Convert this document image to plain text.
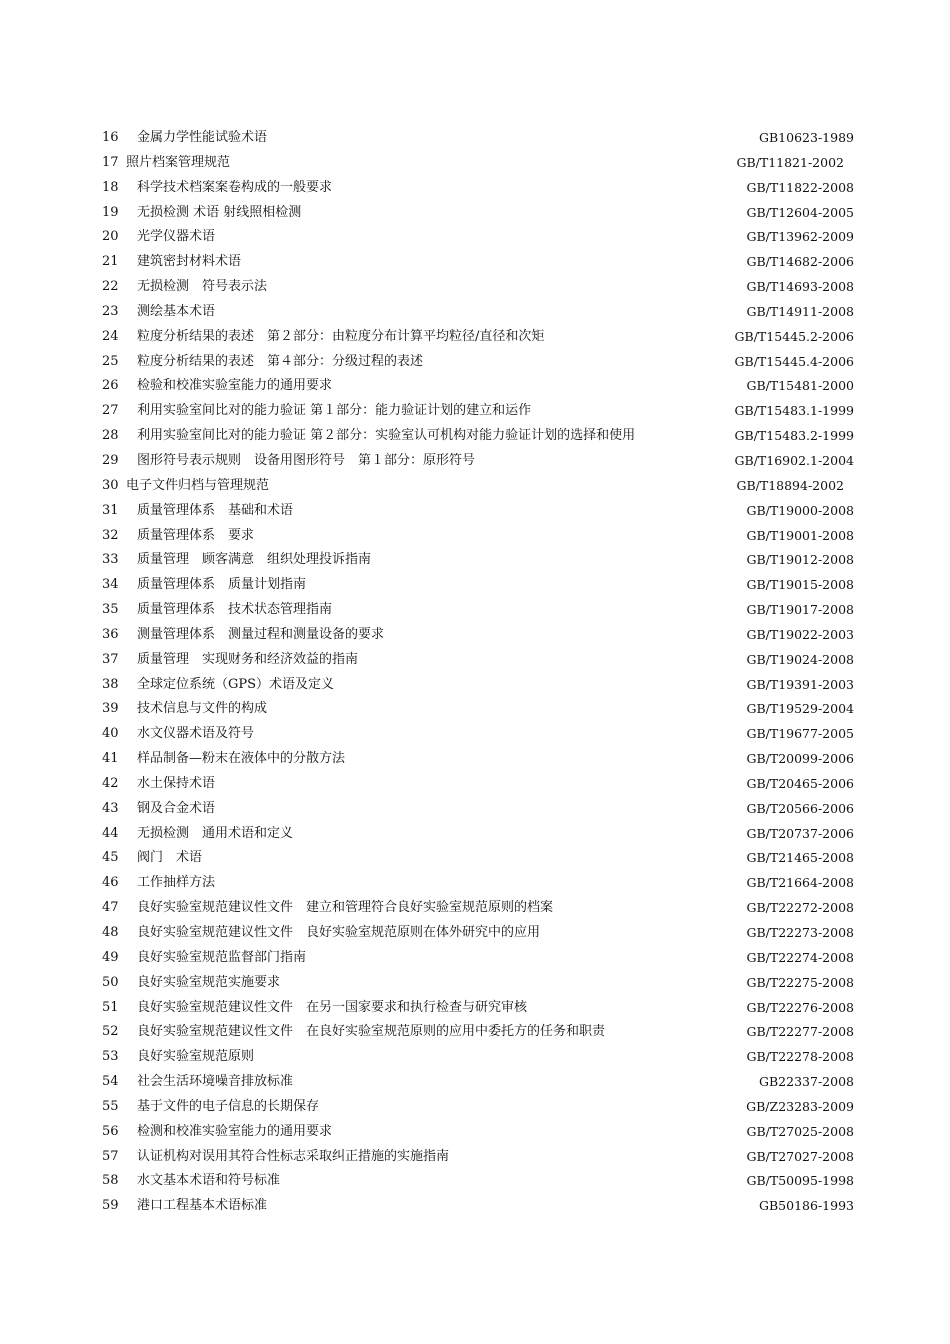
16 金属力学性能试验术语	GB10623-1989
17 照片档案管理规范	GB/T11821-2002
18 科学技术档案案卷构成的一般要求	GB/T11822-2008
19 无损检测 术语 射线照相检测	GB/T12604-2005
20 光学仪器术语	GB/T13962-2009
21 建筑密封材料术语	GB/T14682-2006
22 无损检测　符号表示法	GB/T14693-2008
23 测绘基本术语	GB/T14911-2008
24 粒度分析结果的表述　第２部分：由粒度分布计算平均粒径/直径和次矩	GB/T15445.2-2006
25 粒度分析结果的表述　第４部分：分级过程的表述	GB/T15445.4-2006
26 检验和校准实验室能力的通用要求	GB/T15481-2000
27 利用实验室间比对的能力验证 第１部分：能力验证计划的建立和运作	GB/T15483.1-1999
28 利用实验室间比对的能力验证 第２部分：实验室认可机构对能力验证计划的选择和使用	GB/T15483.2-1999
29 图形符号表示规则　设备用图形符号　第１部分：原形符号	GB/T16902.1-2004
30 电子文件归档与管理规范	GB/T18894-2002
31 质量管理体系　基础和术语	GB/T19000-2008
32 质量管理体系　要求	GB/T19001-2008
33 质量管理　顾客满意　组织处理投诉指南	GB/T19012-2008
34 质量管理体系　质量计划指南	GB/T19015-2008
35 质量管理体系　技术状态管理指南	GB/T19017-2008
36 测量管理体系　测量过程和测量设备的要求	GB/T19022-2003
37 质量管理　实现财务和经济效益的指南	GB/T19024-2008
38 全球定位系统（GPS）术语及定义	GB/T19391-2003
39 技术信息与文件的构成	GB/T19529-2004
40 水文仪器术语及符号	GB/T19677-2005
41 样品制备—粉末在液体中的分散方法	GB/T20099-2006
42 水土保持术语	GB/T20465-2006
43 钢及合金术语	GB/T20566-2006
44 无损检测　通用术语和定义	GB/T20737-2006
45 阀门　术语	GB/T21465-2008
46 工作抽样方法	GB/T21664-2008
47 良好实验室规范建议性文件　建立和管理符合良好实验室规范原则的档案	GB/T22272-2008
48 良好实验室规范建议性文件　良好实验室规范原则在体外研究中的应用	GB/T22273-2008
49 良好实验室规范监督部门指南	GB/T22274-2008
50 良好实验室规范实施要求	GB/T22275-2008
51 良好实验室规范建议性文件　在另一国家要求和执行检查与研究审核	GB/T22276-2008
52 良好实验室规范建议性文件　在良好实验室规范原则的应用中委托方的任务和职责	GB/T22277-2008
53 良好实验室规范原则	GB/T22278-2008
54 社会生活环境噪音排放标准	GB22337-2008
55 基于文件的电子信息的长期保存	GB/Z23283-2009
56 检测和校准实验室能力的通用要求	GB/T27025-2008
57 认证机构对误用其符合性标志采取纠正措施的实施指南	GB/T27027-2008
58 水文基本术语和符号标准	GB/T50095-1998
59 港口工程基本术语标准	GB50186-1993
